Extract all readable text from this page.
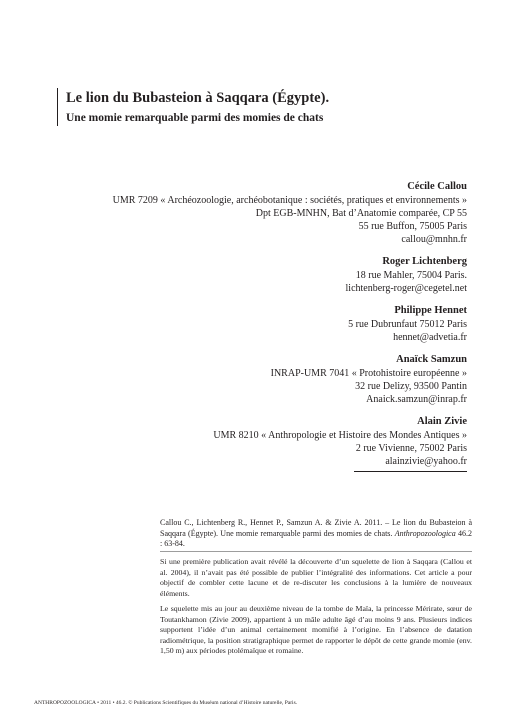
Le lion du Bubasteion à Saqqara (Égypte).
Une momie remarquable parmi des momies de chats
Cécile Callou
UMR 7209 « Archéozoologie, archéobotanique : sociétés, pratiques et environnements »
Dpt EGB-MNHN, Bat d’Anatomie comparée, CP 55
55 rue Buffon, 75005 Paris
callou@mnhn.fr
Roger Lichtenberg
18 rue Mahler, 75004 Paris.
lichtenberg-roger@cegetel.net
Philippe Hennet
5 rue Dubrunfaut 75012 Paris
hennet@advetia.fr
Anaïck Samzun
INRAP-UMR 7041 « Protohistoire européenne »
32 rue Delizy, 93500 Pantin
Anaick.samzun@inrap.fr
Alain Zivie
UMR 8210 « Anthropologie et Histoire des Mondes Antiques »
2 rue Vivienne, 75002 Paris
alainzivie@yahoo.fr

Callou C., Lichtenberg R., Hennet P., Samzun A. & Zivie A. 2011. – Le lion du Bubasteion à Saqqara (Égypte). Une momie remarquable parmi des momies de chats. Anthropozoologica 46.2 : 63-84.

Si une première publication avait révélé la découverte d’un squelette de lion à Saqqara (Callou et al. 2004), il n’avait pas été possible de publier l’intégralité des informations. Cet article a pour objectif de combler cette lacune et de re-discuter les conclusions à la lumière de nouveaux éléments.

Le squelette mis au jour au deuxième niveau de la tombe de Maïa, la princesse Mérirate, sœur de Toutankhamon (Zivie 2009), appartient à un mâle adulte âgé d’au moins 9 ans. Plusieurs indices supportent l’idée d’un animal certainement momifié à l’origine. En l’absence de datation radiométrique, la position stratigraphique permet de rapporter le dépôt de cette grande momie (env. 1,50 m) aux périodes ptolémaïque et romaine.

ANTHROPOZOOLOGICA • 2011 • 46.2. © Publications Scientifiques du Muséum national d’Histoire naturelle, Paris.
